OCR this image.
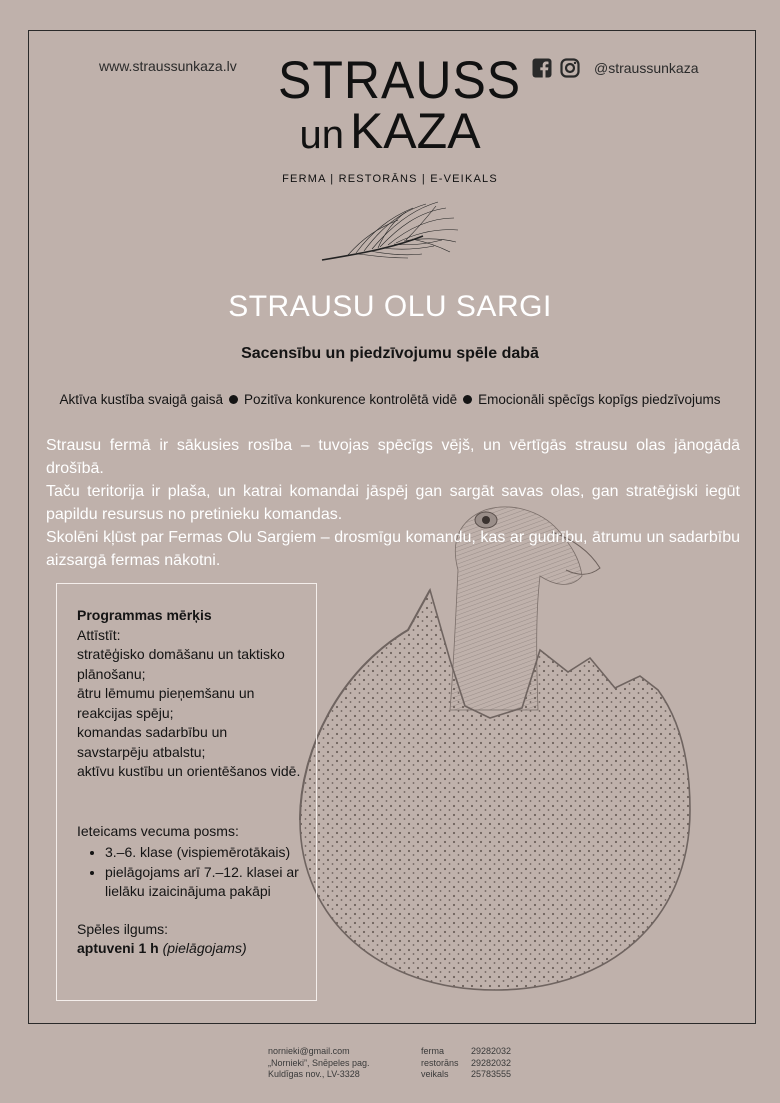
www.straussunkaza.lv	@straussunkaza
STRAUSS
un KAZA
FERMA | RESTORĀNS | E-VEIKALS
STRAUSU OLU SARGI
Sacensību un piedzīvojumu spēle dabā
Aktīva kustība svaigā gaisā Pozitīva konkurence kontrolētā vidē Emocionāli spēcīgs kopīgs piedzīvojums

Strausu fermā ir sākusies rosība – tuvojas spēcīgs vējš, un vērtīgās strausu olas jānogādā drošībā.

Taču teritorija ir plaša, un katrai komandai jāspēj gan sargāt savas olas, gan stratēģiski iegūt papildu resursus no pretinieku komandas.

Skolēni kļūst par Fermas Olu Sargiem – drosmīgu komandu, kas ar gudrību, ātrumu un sadarbību aizsargā fermas nākotni.

Programmas mērķis
Attīstīt:
stratēģisko domāšanu un taktisko plānošanu;
ātru lēmumu pieņemšanu un reakcijas spēju;
komandas sadarbību un savstarpēju atbalstu;
aktīvu kustību un orientēšanos vidē.
Ieteicams vecuma posms:
• 3.–6. klase (vispiemērotākais)
• pielāgojams arī 7.–12. klasei ar lielāku izaicinājuma pakāpi
Spēles ilgums:
aptuveni 1 h (pielāgojams)
nornieki@gmail.com
„Nornieki”, Snēpeles pag.
Kuldīgas nov., LV-3328
ferma	29282032
restorāns	29282032
veikals	25783555
